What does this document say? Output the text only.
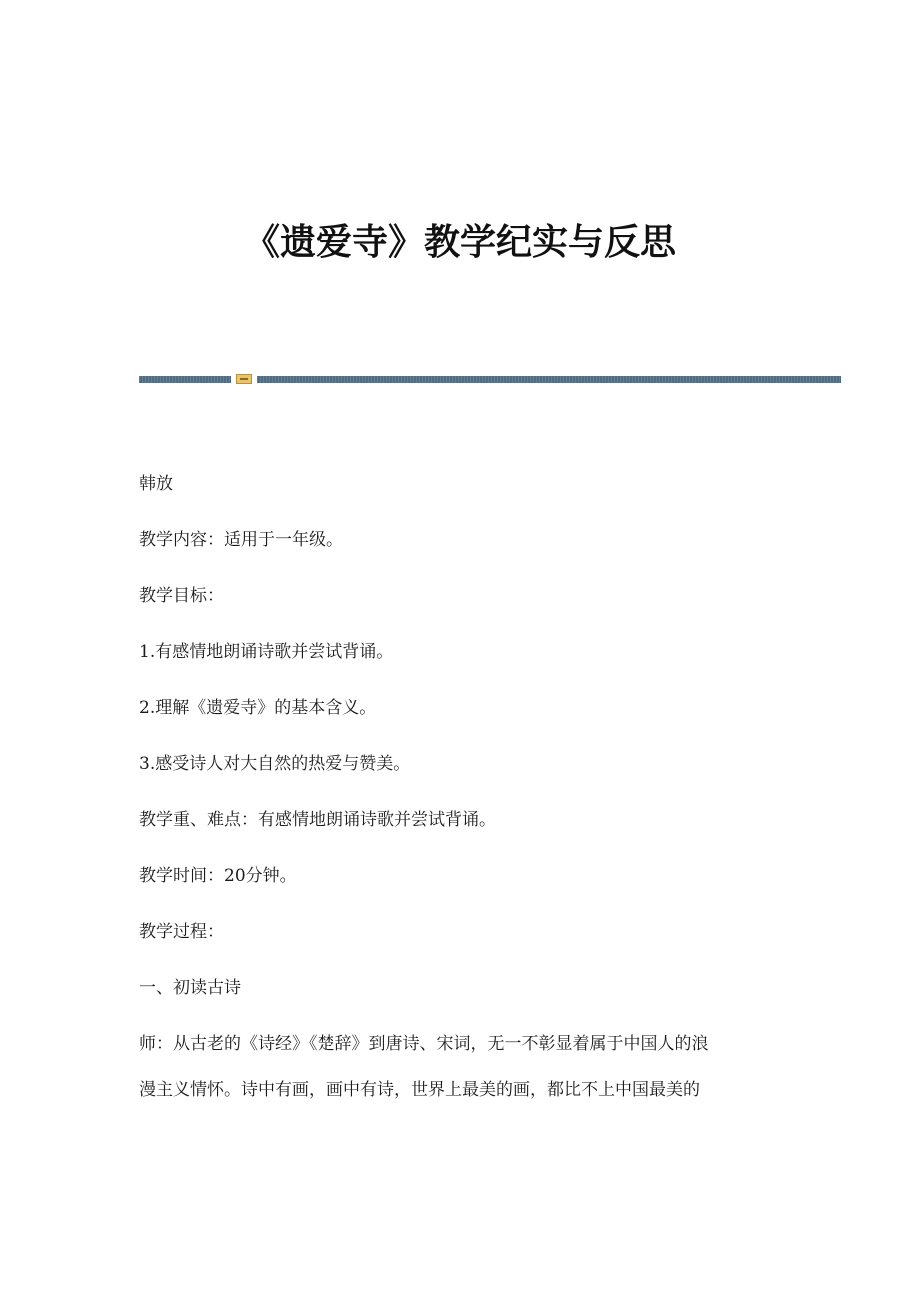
《遗爱寺》教学纪实与反思

韩放

教学内容：适用于一年级。

教学目标：

1.有感情地朗诵诗歌并尝试背诵。

2.理解《遗爱寺》的基本含义。

3.感受诗人对大自然的热爱与赞美。

教学重、难点：有感情地朗诵诗歌并尝试背诵。

教学时间：20分钟。

教学过程：

一、初读古诗

师：从古老的《诗经》《楚辞》到唐诗、宋词，无一不彰显着属于中国人的浪

漫主义情怀。诗中有画，画中有诗，世界上最美的画，都比不上中国最美的
